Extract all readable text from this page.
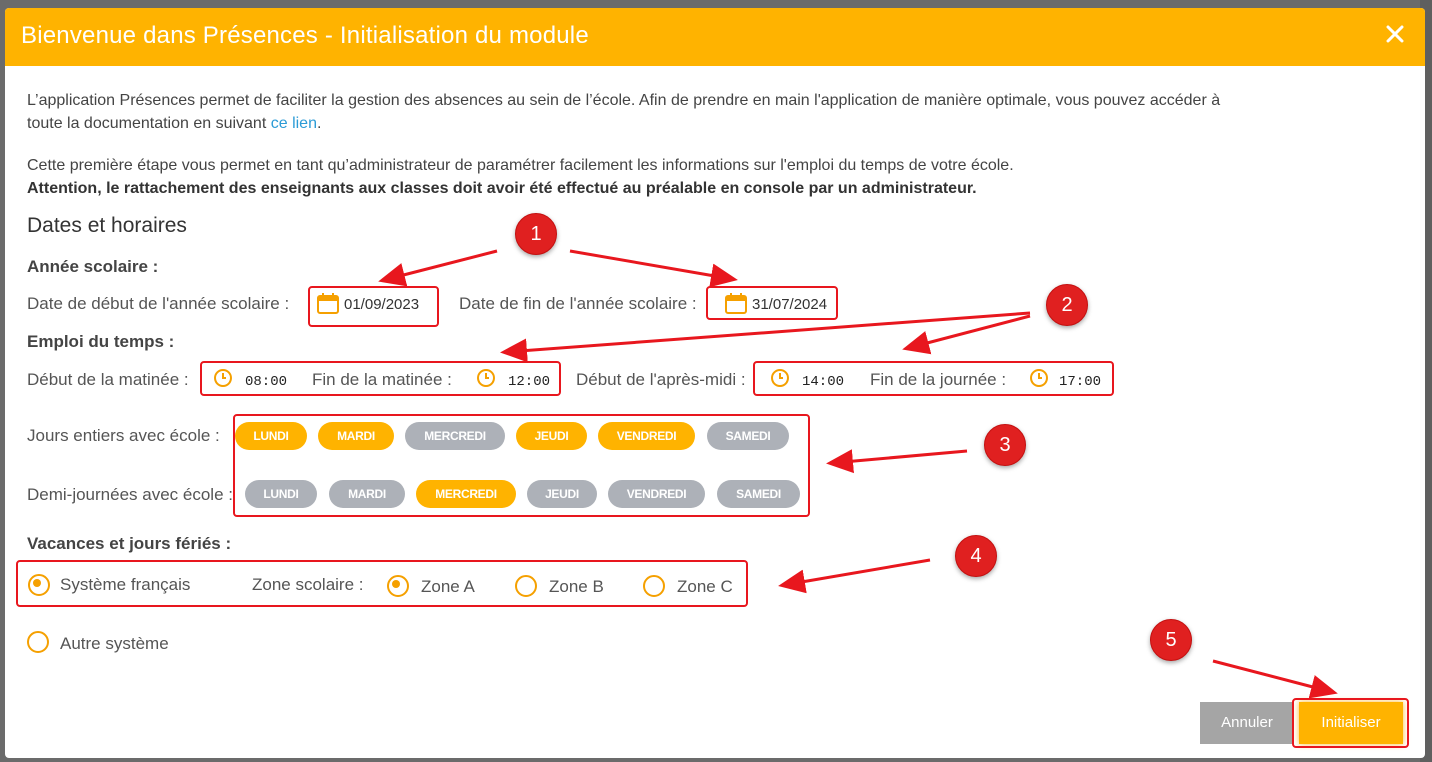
Bienvenue dans Présences - Initialisation du module
L’application Présences permet de faciliter la gestion des absences au sein de l’école. Afin de prendre en main l'application de manière optimale, vous pouvez accéder à
toute la documentation en suivant ce lien.
Cette première étape vous permet en tant qu’administrateur de paramétrer facilement les informations sur l'emploi du temps de votre école.
Attention, le rattachement des enseignants aux classes doit avoir été effectué au préalable en console par un administrateur.
Dates et horaires
Année scolaire :
Date de début de l'année scolaire :	01/09/2023 Date de fin de l'année scolaire :	31/07/2024
Emploi du temps :
Début de la matinée :	08:00 Fin de la matinée :	12:00 Début de l'après-midi :	14:00 Fin de la journée :	17:00
Jours entiers avec école :	LUNDI	MARDI	MERCREDI	JEUDI	VENDREDI	SAMEDI
Demi-journées avec école :	LUNDI	MARDI	MERCREDI	JEUDI	VENDREDI	SAMEDI
Vacances et jours fériés :
Système français	Zone scolaire :	Zone A	Zone B	Zone C
Autre système
Annuler	Initialiser
1
2
3
4
5
